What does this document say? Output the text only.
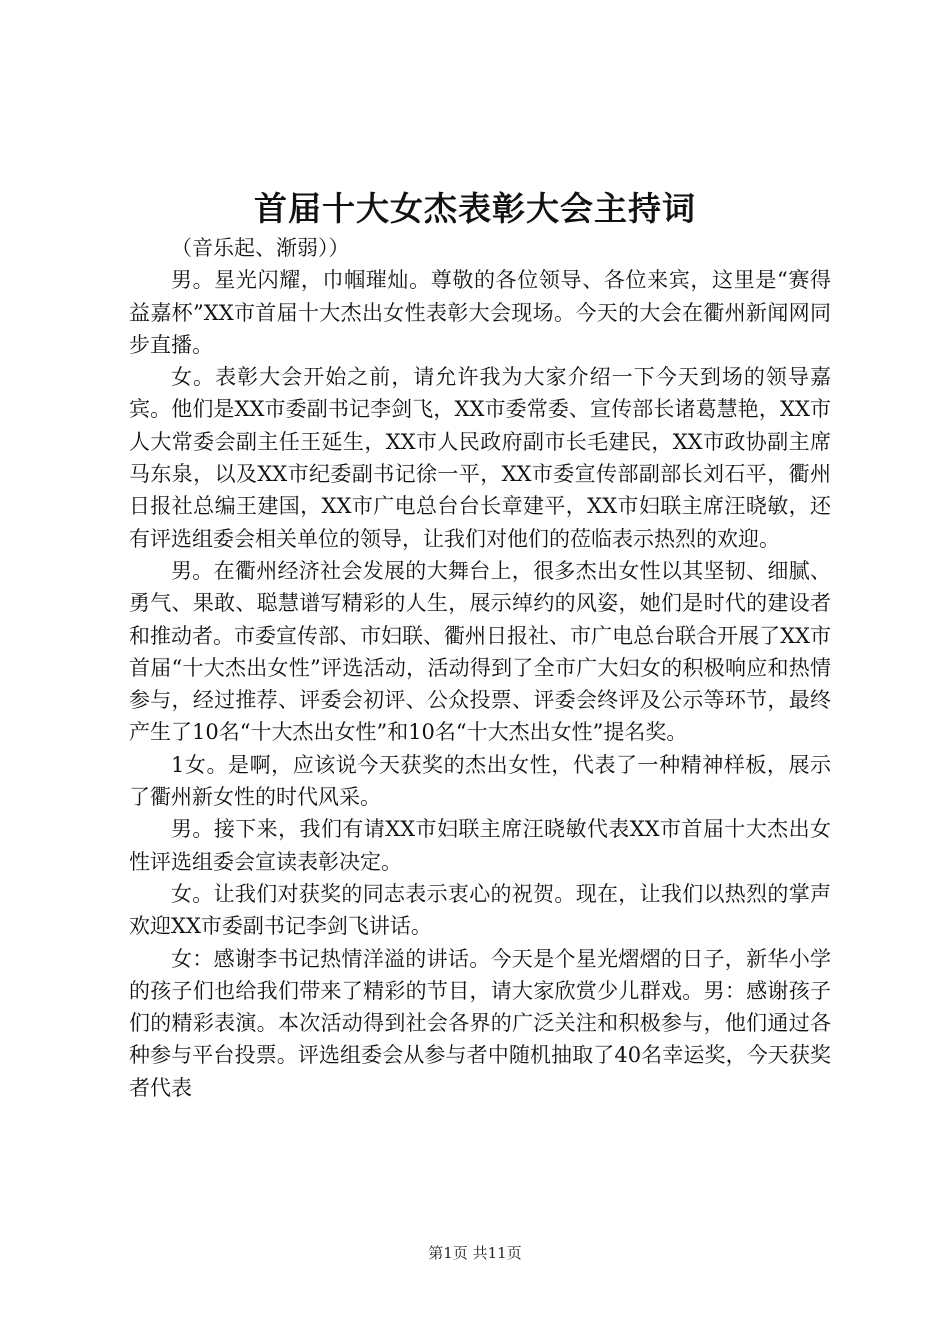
首届十大女杰表彰大会主持词

（音乐起、渐弱））

男。星光闪耀，巾帼璀灿。尊敬的各位领导、各位来宾，这里是“赛得益嘉杯”XX市首届十大杰出女性表彰大会现场。今天的大会在衢州新闻网同步直播。

女。表彰大会开始之前，请允许我为大家介绍一下今天到场的领导嘉宾。他们是XX市委副书记李剑飞，XX市委常委、宣传部长诸葛慧艳，XX市人大常委会副主任王延生，XX市人民政府副市长毛建民，XX市政协副主席马东泉，以及XX市纪委副书记徐一平，XX市委宣传部副部长刘石平，衢州日报社总编王建国，XX市广电总台台长章建平，XX市妇联主席汪晓敏，还有评选组委会相关单位的领导，让我们对他们的莅临表示热烈的欢迎。

男。在衢州经济社会发展的大舞台上，很多杰出女性以其坚韧、细腻、勇气、果敢、聪慧谱写精彩的人生，展示绰约的风姿，她们是时代的建设者和推动者。市委宣传部、市妇联、衢州日报社、市广电总台联合开展了XX市首届“十大杰出女性”评选活动，活动得到了全市广大妇女的积极响应和热情参与，经过推荐、评委会初评、公众投票、评委会终评及公示等环节，最终产生了10名“十大杰出女性”和10名“十大杰出女性”提名奖。

1女。是啊，应该说今天获奖的杰出女性，代表了一种精神样板，展示了衢州新女性的时代风采。

男。接下来，我们有请XX市妇联主席汪晓敏代表XX市首届十大杰出女性评选组委会宣读表彰决定。

女。让我们对获奖的同志表示衷心的祝贺。现在，让我们以热烈的掌声欢迎XX市委副书记李剑飞讲话。

女：感谢李书记热情洋溢的讲话。今天是个星光熠熠的日子，新华小学的孩子们也给我们带来了精彩的节目，请大家欣赏少儿群戏。男：感谢孩子们的精彩表演。本次活动得到社会各界的广泛关注和积极参与，他们通过各种参与平台投票。评选组委会从参与者中随机抽取了40名幸运奖，今天获奖者代表

第1页 共11页
